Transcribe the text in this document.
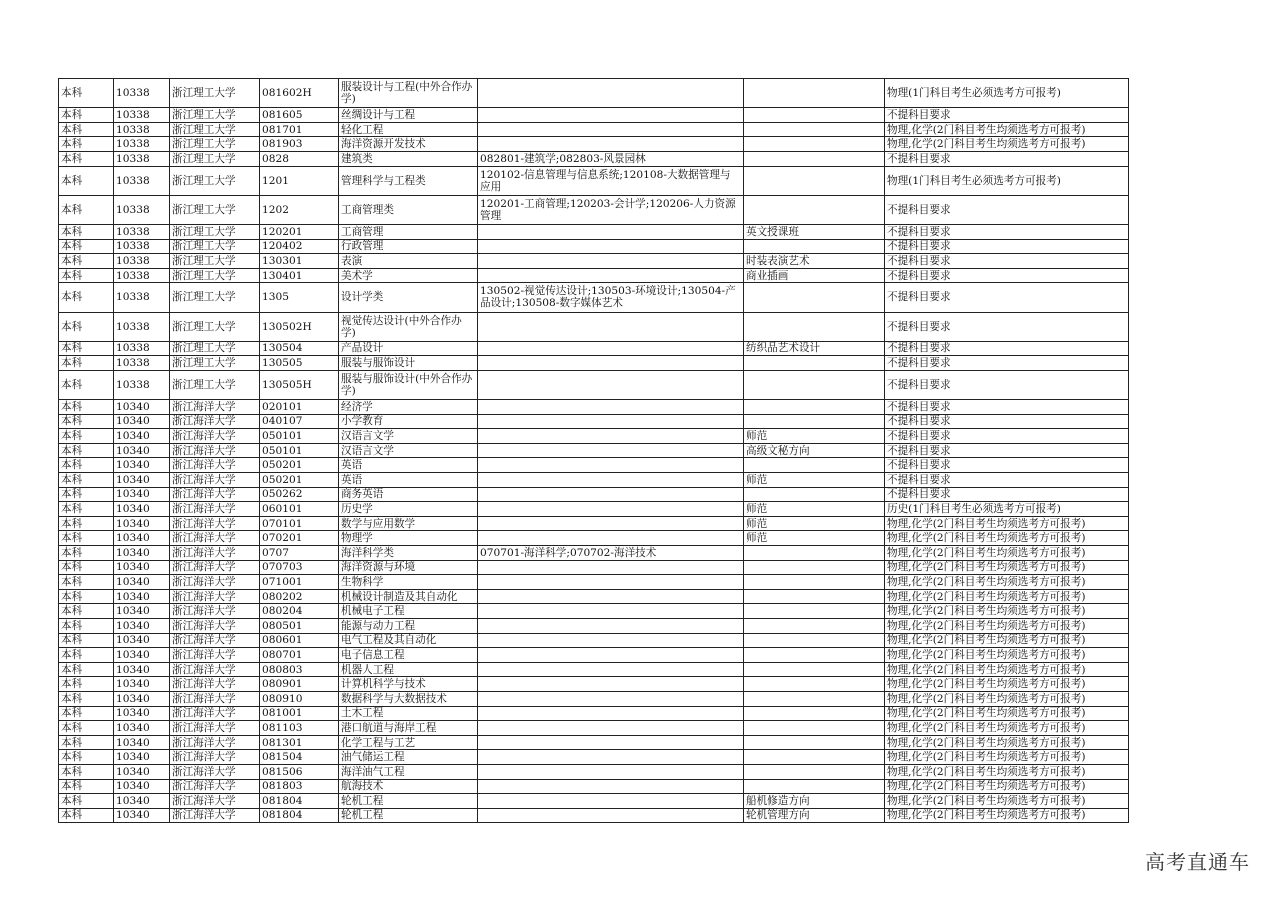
本科	10338	浙江理工大学	081602H	服装设计与工程(中外合作办学)			物理(1门科目考生必须选考方可报考)
本科	10338	浙江理工大学	081605	丝绸设计与工程			不提科目要求
本科	10338	浙江理工大学	081701	轻化工程			物理,化学(2门科目考生均须选考方可报考)
本科	10338	浙江理工大学	081903	海洋资源开发技术			物理,化学(2门科目考生均须选考方可报考)
本科	10338	浙江理工大学	0828	建筑类	082801-建筑学;082803-风景园林		不提科目要求
本科	10338	浙江理工大学	1201	管理科学与工程类	120102-信息管理与信息系统;120108-大数据管理与应用		物理(1门科目考生必须选考方可报考)
本科	10338	浙江理工大学	1202	工商管理类	120201-工商管理;120203-会计学;120206-人力资源管理		不提科目要求
本科	10338	浙江理工大学	120201	工商管理		英文授课班	不提科目要求
本科	10338	浙江理工大学	120402	行政管理			不提科目要求
本科	10338	浙江理工大学	130301	表演		时装表演艺术	不提科目要求
本科	10338	浙江理工大学	130401	美术学		商业插画	不提科目要求
本科	10338	浙江理工大学	1305	设计学类	130502-视觉传达设计;130503-环境设计;130504-产品设计;130508-数字媒体艺术		不提科目要求
本科	10338	浙江理工大学	130502H	视觉传达设计(中外合作办学)			不提科目要求
本科	10338	浙江理工大学	130504	产品设计		纺织品艺术设计	不提科目要求
本科	10338	浙江理工大学	130505	服装与服饰设计			不提科目要求
本科	10338	浙江理工大学	130505H	服装与服饰设计(中外合作办学)			不提科目要求
本科	10340	浙江海洋大学	020101	经济学			不提科目要求
本科	10340	浙江海洋大学	040107	小学教育			不提科目要求
本科	10340	浙江海洋大学	050101	汉语言文学		师范	不提科目要求
本科	10340	浙江海洋大学	050101	汉语言文学		高级文秘方向	不提科目要求
本科	10340	浙江海洋大学	050201	英语			不提科目要求
本科	10340	浙江海洋大学	050201	英语		师范	不提科目要求
本科	10340	浙江海洋大学	050262	商务英语			不提科目要求
本科	10340	浙江海洋大学	060101	历史学		师范	历史(1门科目考生必须选考方可报考)
本科	10340	浙江海洋大学	070101	数学与应用数学		师范	物理,化学(2门科目考生均须选考方可报考)
本科	10340	浙江海洋大学	070201	物理学		师范	物理,化学(2门科目考生均须选考方可报考)
本科	10340	浙江海洋大学	0707	海洋科学类	070701-海洋科学;070702-海洋技术		物理,化学(2门科目考生均须选考方可报考)
本科	10340	浙江海洋大学	070703	海洋资源与环境			物理,化学(2门科目考生均须选考方可报考)
本科	10340	浙江海洋大学	071001	生物科学			物理,化学(2门科目考生均须选考方可报考)
本科	10340	浙江海洋大学	080202	机械设计制造及其自动化			物理,化学(2门科目考生均须选考方可报考)
本科	10340	浙江海洋大学	080204	机械电子工程			物理,化学(2门科目考生均须选考方可报考)
本科	10340	浙江海洋大学	080501	能源与动力工程			物理,化学(2门科目考生均须选考方可报考)
本科	10340	浙江海洋大学	080601	电气工程及其自动化			物理,化学(2门科目考生均须选考方可报考)
本科	10340	浙江海洋大学	080701	电子信息工程			物理,化学(2门科目考生均须选考方可报考)
本科	10340	浙江海洋大学	080803	机器人工程			物理,化学(2门科目考生均须选考方可报考)
本科	10340	浙江海洋大学	080901	计算机科学与技术			物理,化学(2门科目考生均须选考方可报考)
本科	10340	浙江海洋大学	080910	数据科学与大数据技术			物理,化学(2门科目考生均须选考方可报考)
本科	10340	浙江海洋大学	081001	土木工程			物理,化学(2门科目考生均须选考方可报考)
本科	10340	浙江海洋大学	081103	港口航道与海岸工程			物理,化学(2门科目考生均须选考方可报考)
本科	10340	浙江海洋大学	081301	化学工程与工艺			物理,化学(2门科目考生均须选考方可报考)
本科	10340	浙江海洋大学	081504	油气储运工程			物理,化学(2门科目考生均须选考方可报考)
本科	10340	浙江海洋大学	081506	海洋油气工程			物理,化学(2门科目考生均须选考方可报考)
本科	10340	浙江海洋大学	081803	航海技术			物理,化学(2门科目考生均须选考方可报考)
本科	10340	浙江海洋大学	081804	轮机工程		船机修造方向	物理,化学(2门科目考生均须选考方可报考)
本科	10340	浙江海洋大学	081804	轮机工程		轮机管理方向	物理,化学(2门科目考生均须选考方可报考)
高考直通车
